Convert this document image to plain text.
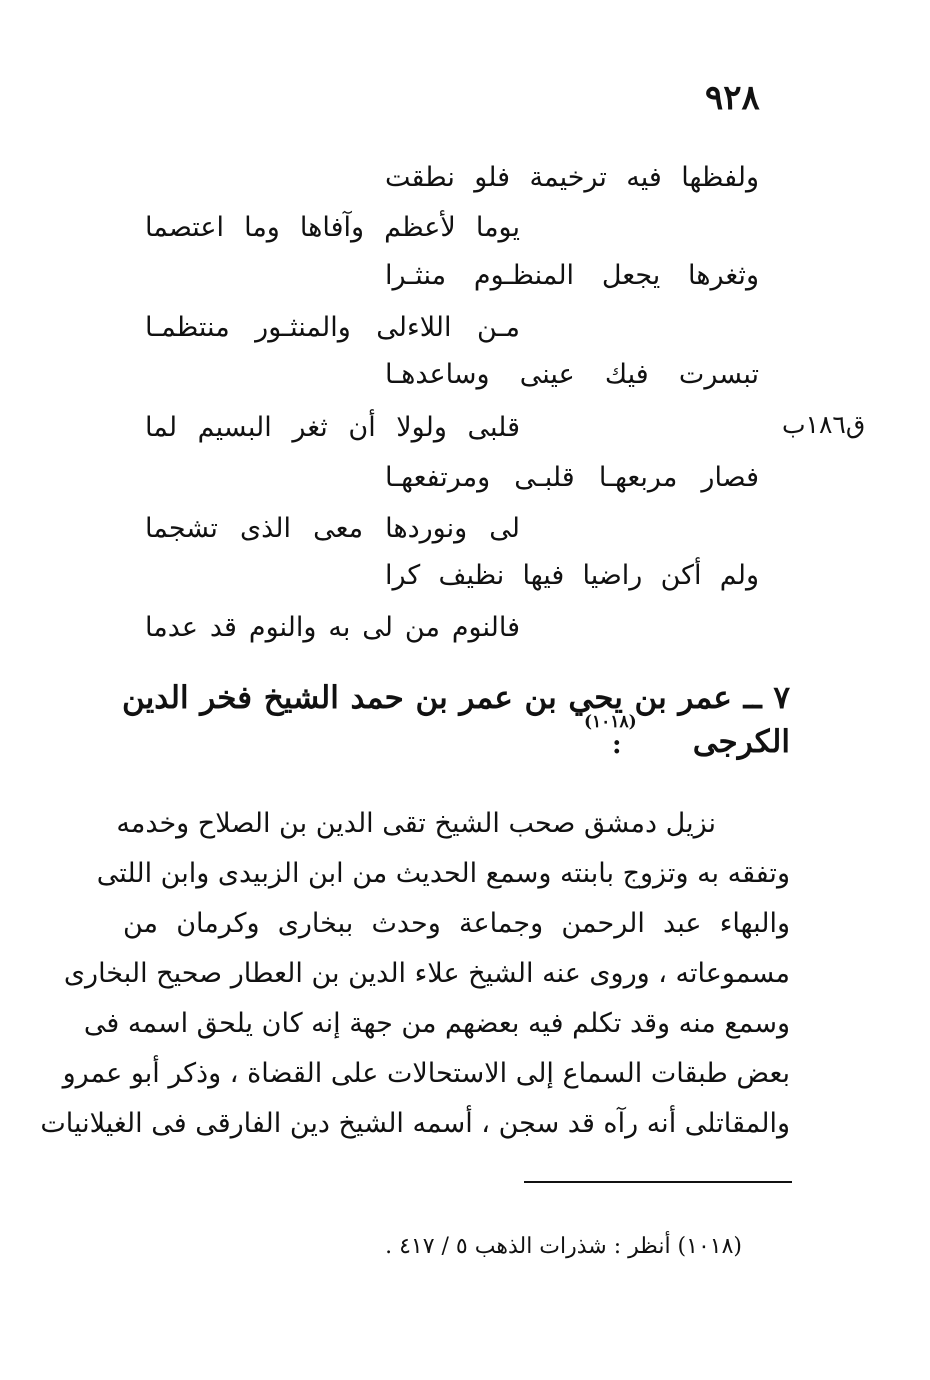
٩٢٨
ولفظها فيه ترخيمة فلو نطقت
يوما لأعظم وآفاها وما اعتصما
وثغرها يجعل المنظـوم منثـرا
مـن اللاءلى والمنثـور منتظمـا
تبسرت فيك عينى وساعدهـا
ق١٨٦ب
قلبى ولولا أن ثغر البسيم لما
فصار مربعهـا قلبـى ومرتفعهـا
لى ونوردها معى الذى تشجما
ولم أكن راضيا فيها نظيف كرا
فالنوم من لى به والنوم قد عدما
٧ ــ عمر بن يحي بن عمر بن حمد الشيخ فخر الدين
الكرجى
(١٠١٨)
:
نزيل دمشق صحب الشيخ تقى الدين بن الصلاح وخدمه
وتفقه به وتزوج بابنته وسمع الحديث من ابن الزبيدى وابن اللتى
والبهاء عبد الرحمن وجماعة وحدث ببخارى وكرمان من
مسموعاته ، وروى عنه الشيخ علاء الدين بن العطار صحيح البخارى
وسمع منه وقد تكلم فيه بعضهم من جهة إنه كان يلحق اسمه فى
بعض طبقات السماع إلى الاستحالات على القضاة ، وذكر أبو عمرو
والمقاتلى أنه رآه قد سجن ، أسمه الشيخ دين الفارقى فى الغيلانيات
(١٠١٨) أنظر : شذرات الذهب ٥ / ٤١٧ .
